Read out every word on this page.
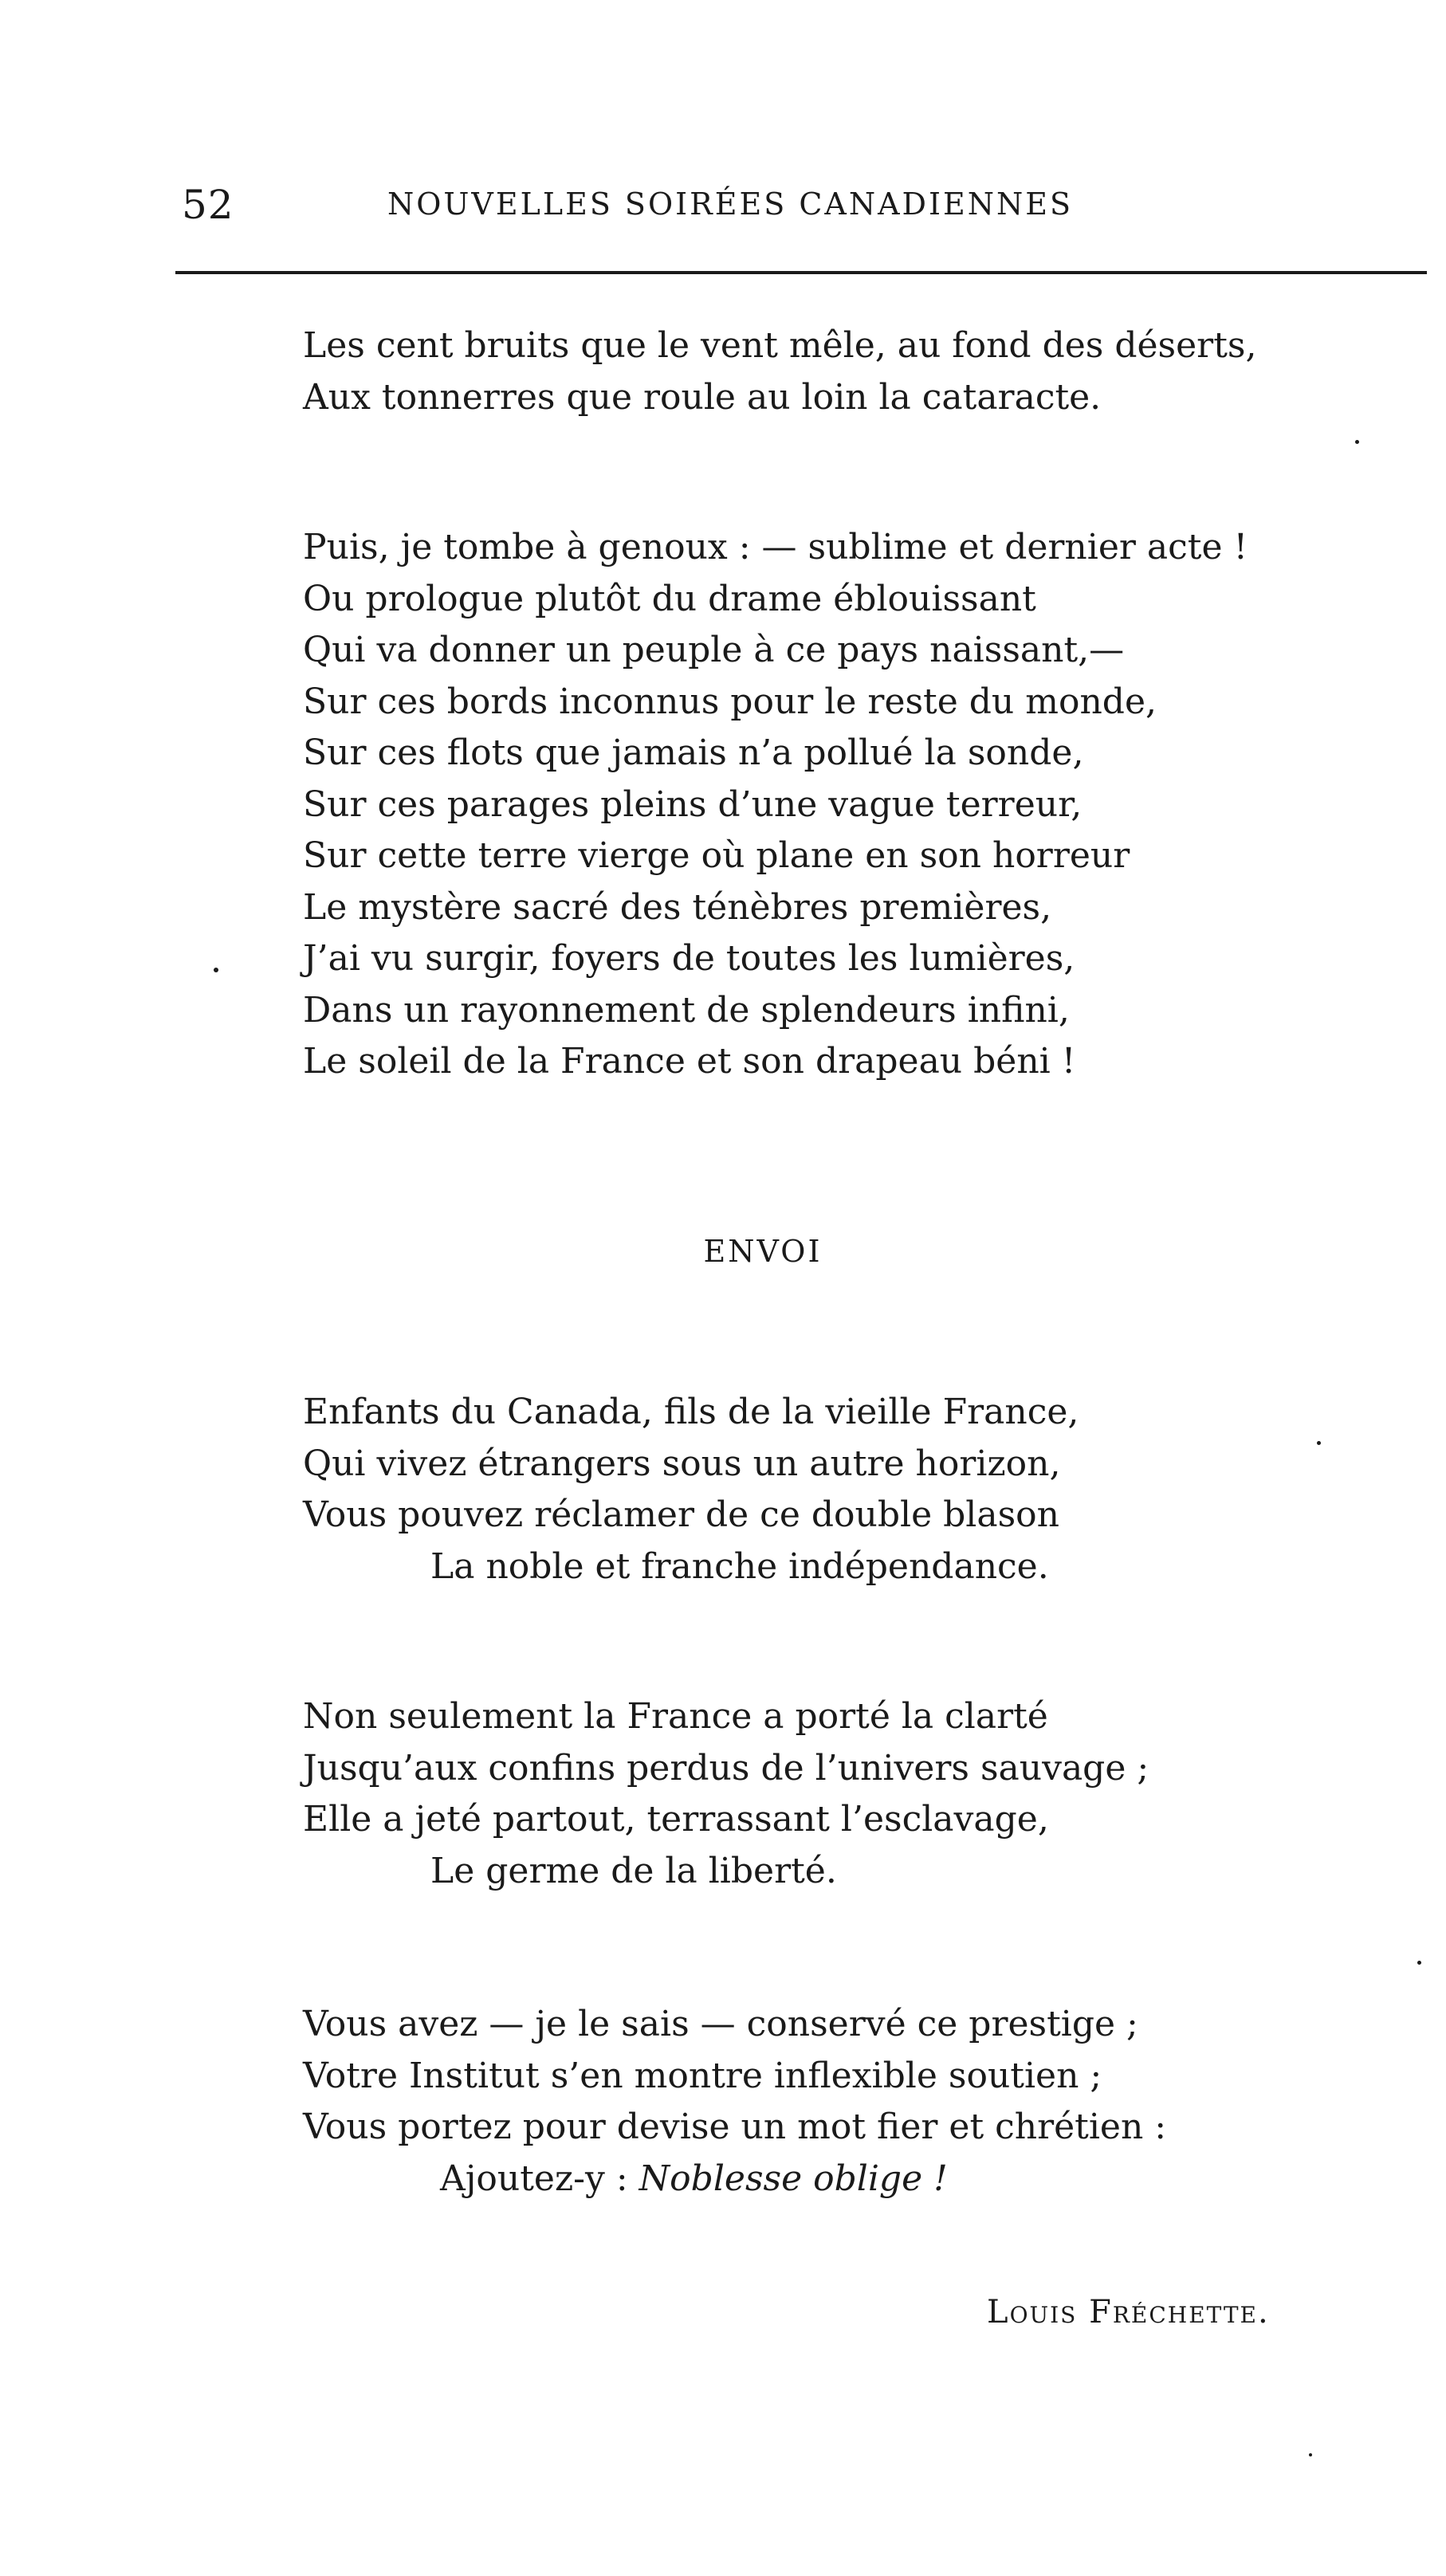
52	NOUVELLES SOIRÉES CANADIENNES
Les cent bruits que le vent mêle, au fond des déserts,
Aux tonnerres que roule au loin la cataracte.
Puis, je tombe à genoux : — sublime et dernier acte !
Ou prologue plutôt du drame éblouissant
Qui va donner un peuple à ce pays naissant,—
Sur ces bords inconnus pour le reste du monde,
Sur ces flots que jamais n’a pollué la sonde,
Sur ces parages pleins d’une vague terreur,
Sur cette terre vierge où plane en son horreur
Le mystère sacré des ténèbres premières,
J’ai vu surgir, foyers de toutes les lumières,
Dans un rayonnement de splendeurs infini,
Le soleil de la France et son drapeau béni !
ENVOI
Enfants du Canada, fils de la vieille France,
Qui vivez étrangers sous un autre horizon,
Vous pouvez réclamer de ce double blason
La noble et franche indépendance.
Non seulement la France a porté la clarté
Jusqu’aux confins perdus de l’univers sauvage ;
Elle a jeté partout, terrassant l’esclavage,
Le germe de la liberté.
Vous avez — je le sais — conservé ce prestige ;
Votre Institut s’en montre inflexible soutien ;
Vous portez pour devise un mot fier et chrétien :
Ajoutez-y : Noblesse oblige !
Louis Fréchette.
